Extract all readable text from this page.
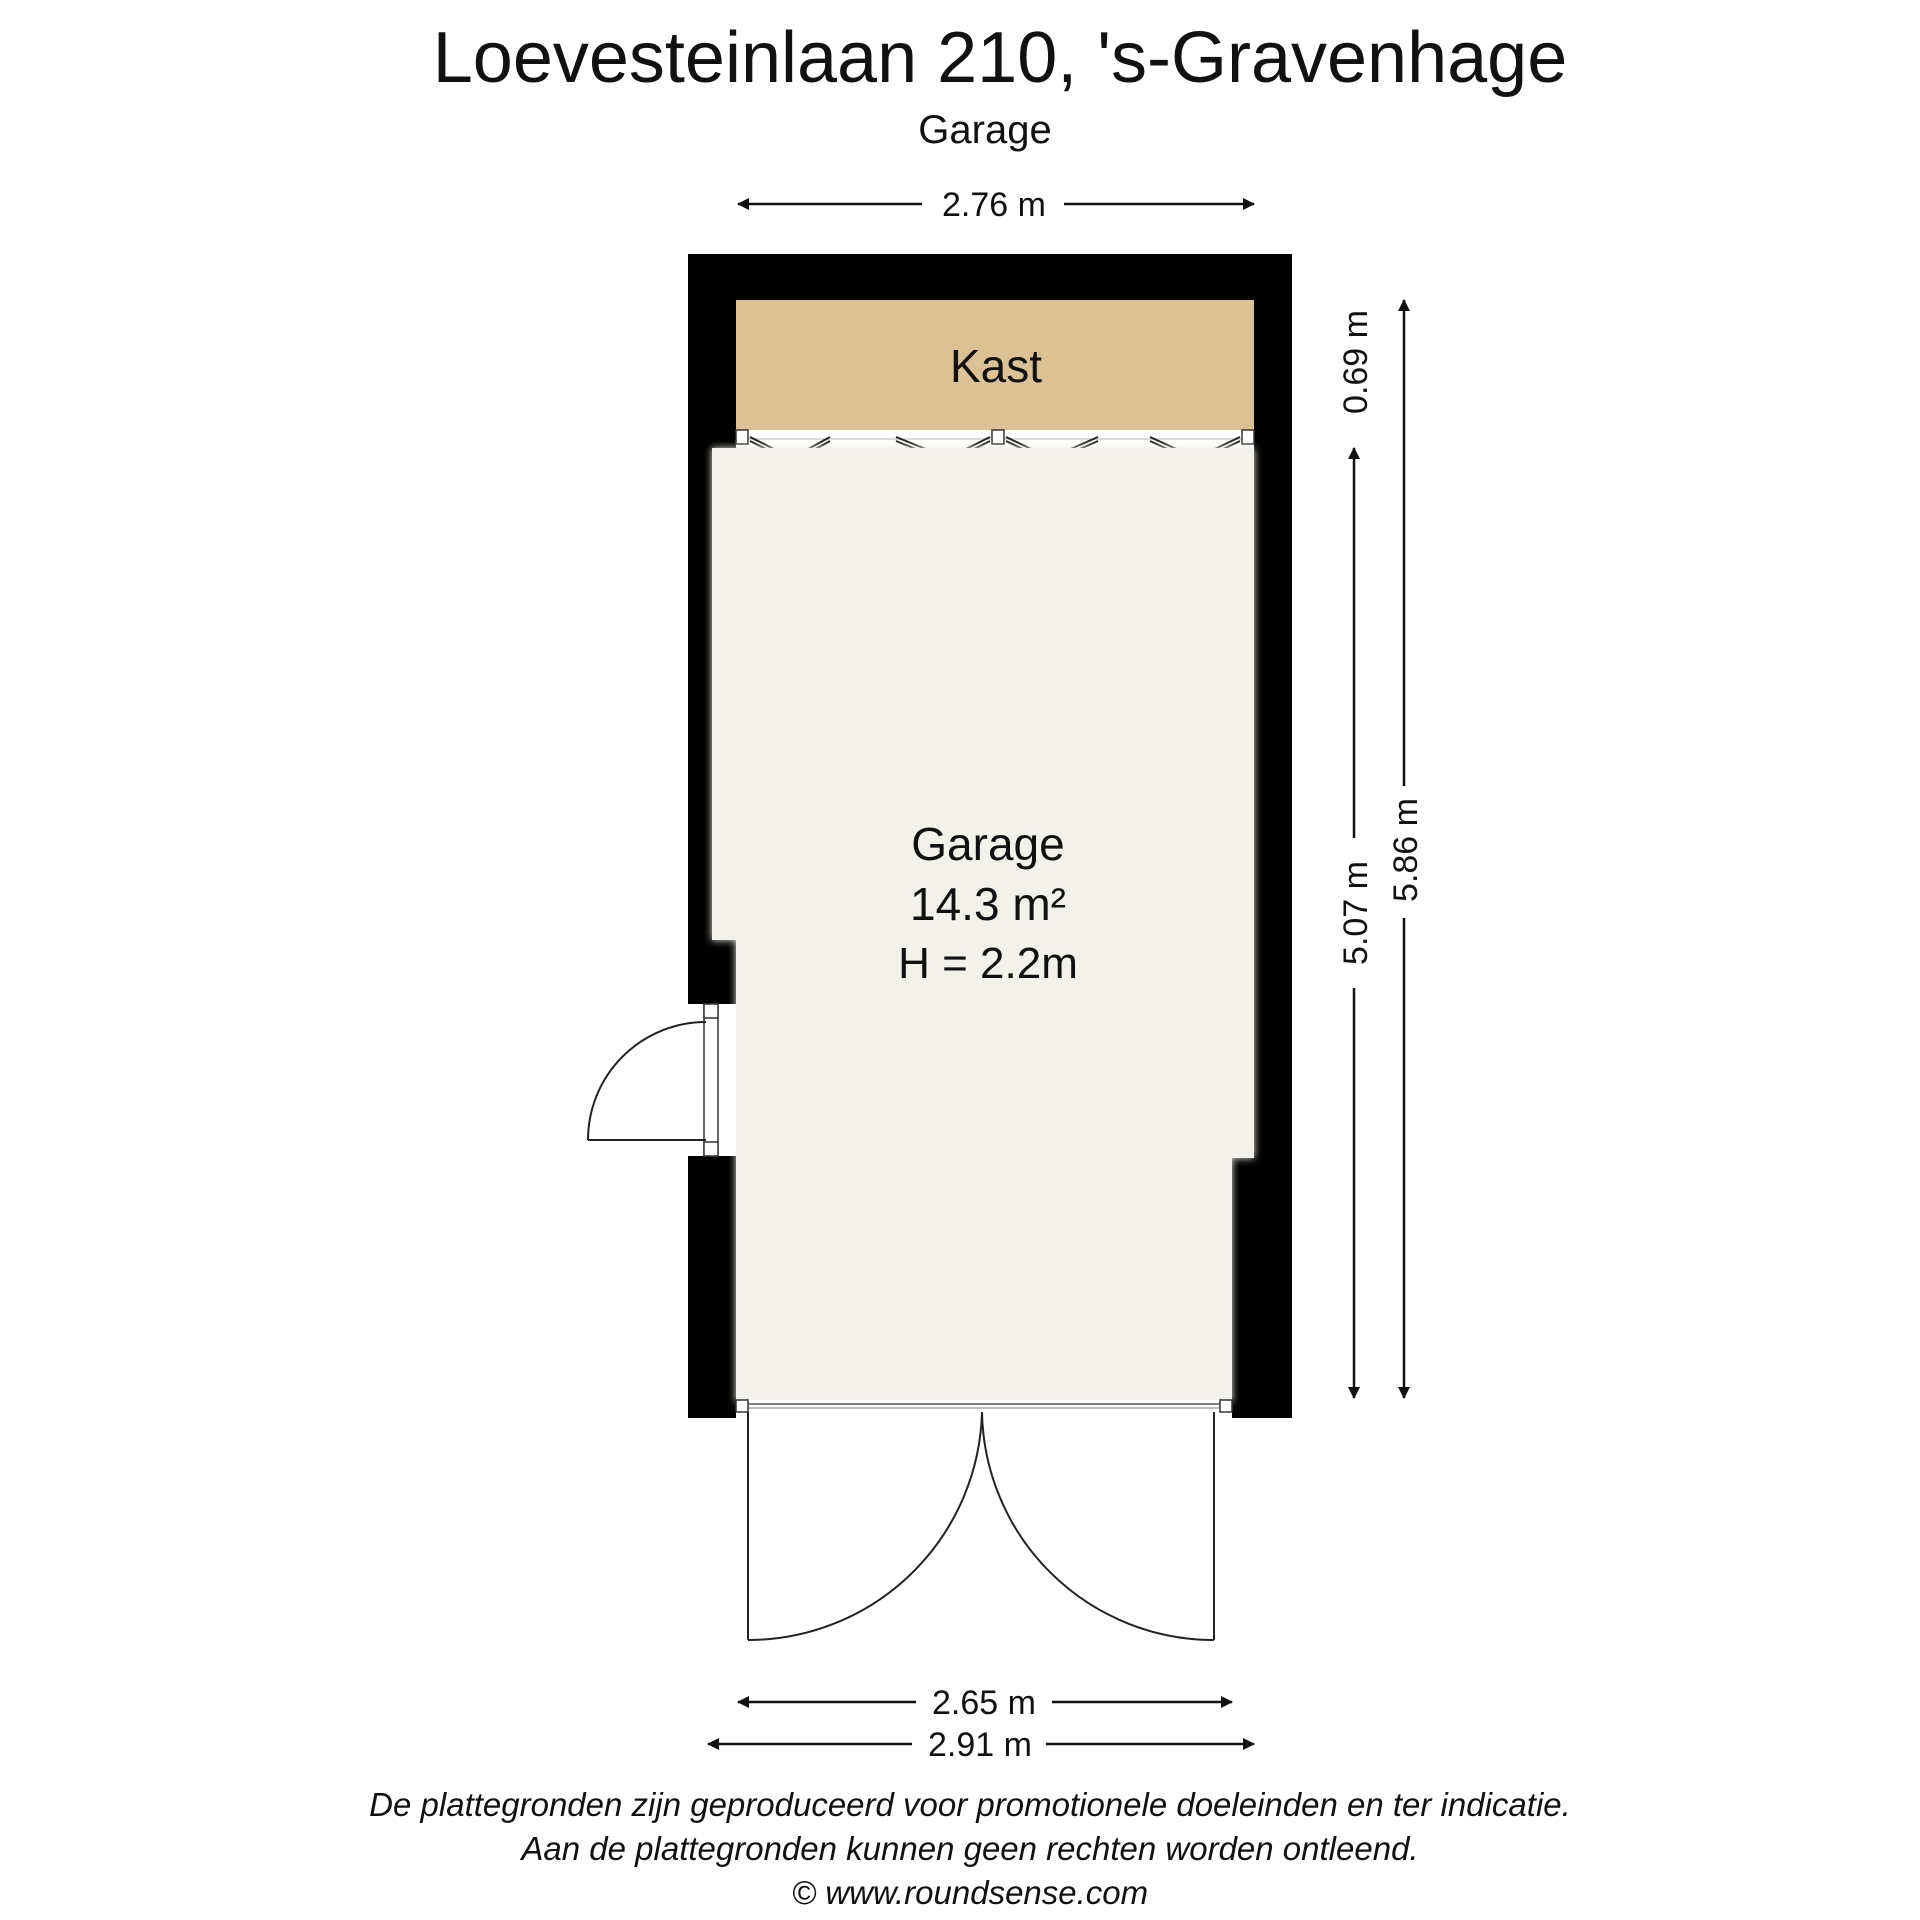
Loevesteinlaan 210, 's-Gravenhage
Garage
2.76 m
Kast
Garage
14.3 m²
H = 2.2m
0.69 m
5.07 m
5.86 m
2.65 m
2.91 m
De plattegronden zijn geproduceerd voor promotionele doeleinden en ter indicatie.
Aan de plattegronden kunnen geen rechten worden ontleend.
© www.roundsense.com
